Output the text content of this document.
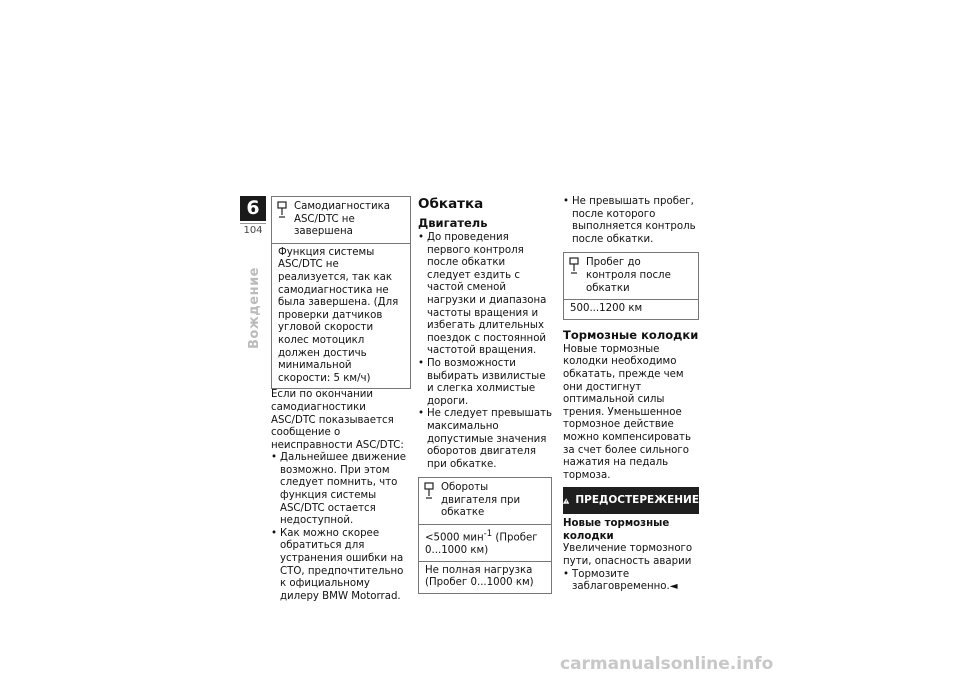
6
104
Вождение
Самодиагностика ASC/DTC не завершена
Функция системы ASC/DTC не реализуется, так как самодиагностика не была завершена. (Для проверки датчиков угловой скорости колес мотоцикл должен достичь минимальной скорости: 5 км/ч)

Если по окончании самодиагностики ASC/DTC показывается сообщение о неисправности ASC/DTC:

• Дальнейшее движение возможно. При этом следует помнить, что функция системы ASC/DTC остается недоступной.
• Как можно скорее обратиться для устранения ошибки на СТО, предпочтительно к официальному дилеру BMW Motorrad.
Обкатка
Двигатель
• До проведения первого контроля после обкатки следует ездить с частой сменой нагрузки и диапазона частоты вращения и избегать длительных поездок с постоянной частотой вращения.
• По возможности выбирать извилистые и слегка холмистые дороги.
• Не следует превышать максимально допустимые значения оборотов двигателя при обкатке.
Обороты двигателя при обкатке
<5000 мин$^{-1}$ (Пробег 0...1000 км)
Не полная нагрузка (Пробег 0...1000 км)
• Не превышать пробег, после которого выполняется контроль после обкатки.
Пробег до контроля после обкатки
500...1200 км
Тормозные колодки

Новые тормозные колодки необходимо обкатать, прежде чем они достигнут оптимальной силы трения. Уменьшенное тормозное действие можно компенсировать за счет более сильного нажатия на педаль тормоза.

ПРЕДОСТЕРЕЖЕНИЕ
Новые тормозные колодки

Увеличение тормозного пути, опасность аварии

• Тормозите заблаговременно.◄
carmanualsonline.info
